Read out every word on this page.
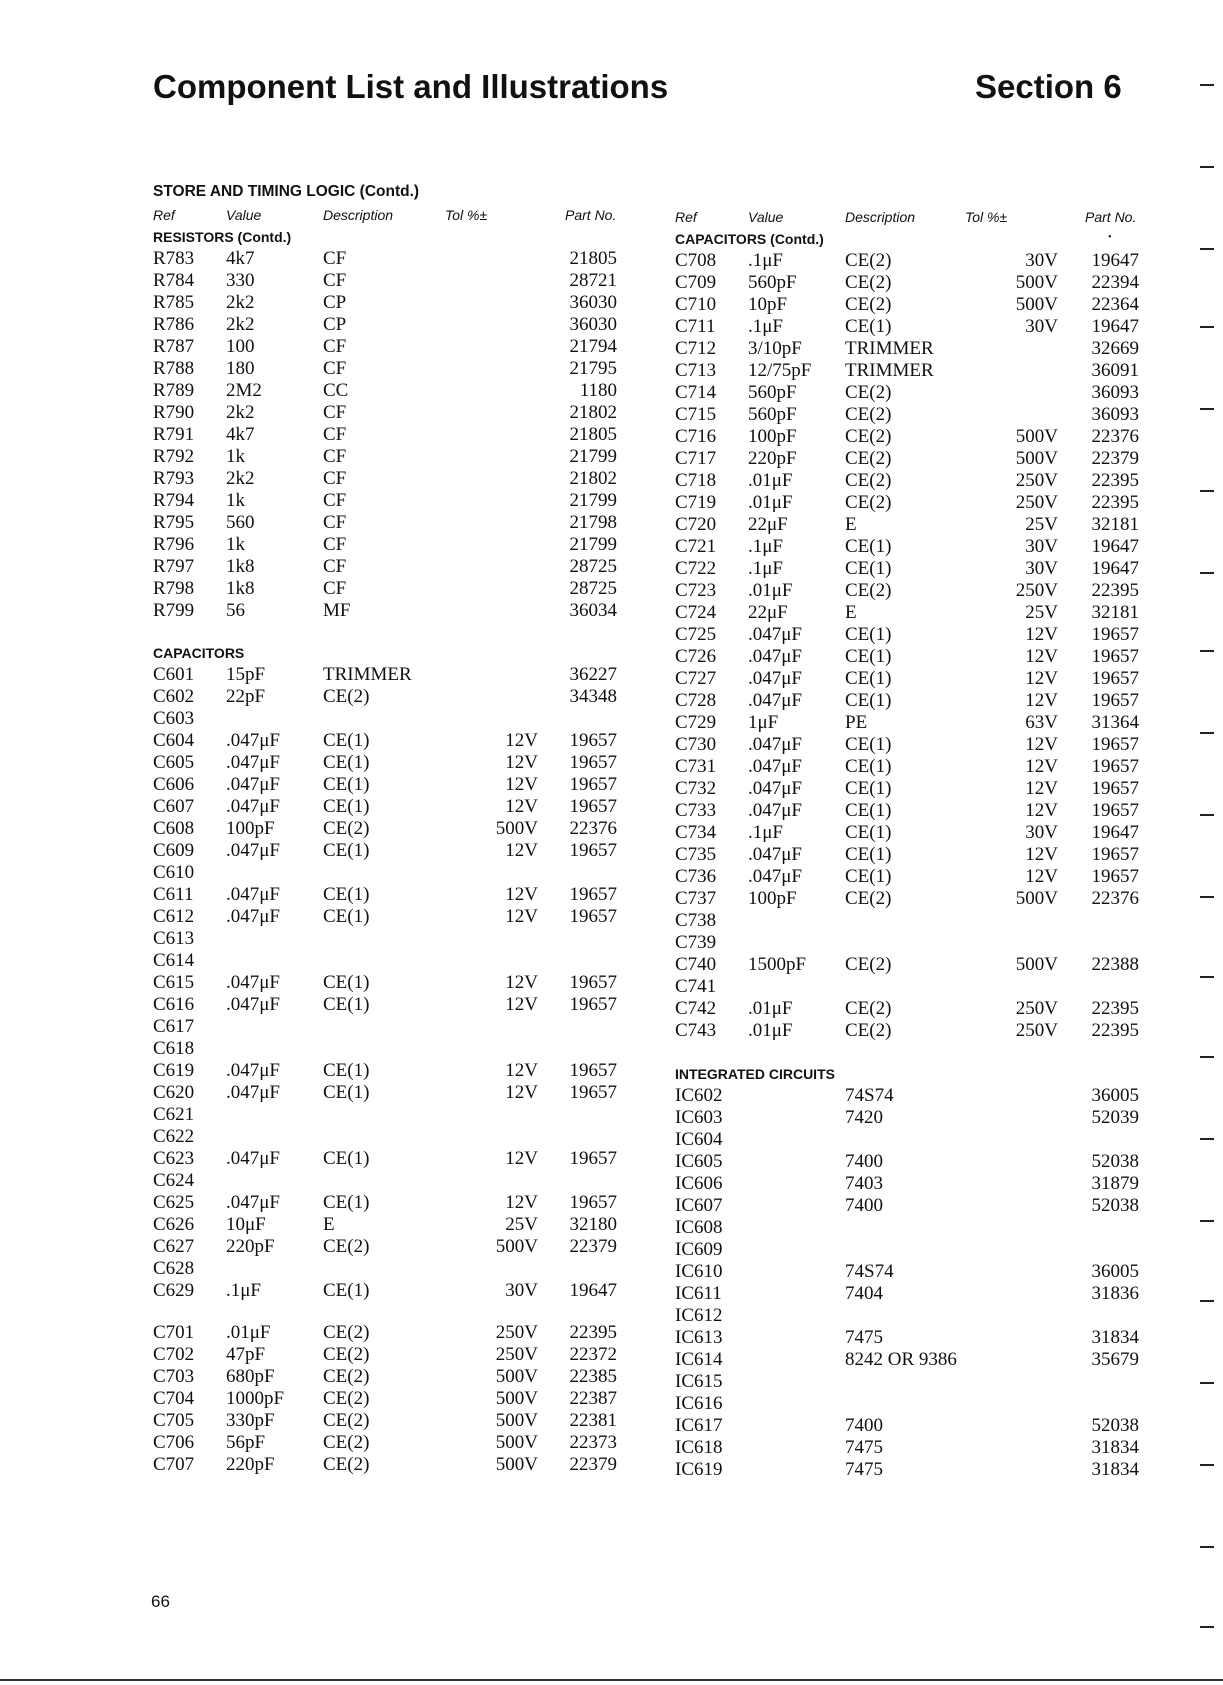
Component List and Illustrations	Section 6
STORE AND TIMING LOGIC (Contd.)
Ref	Value	Description	Tol %±	Part No.	Ref	Value	Description	Tol %±	Part No.
•
RESISTORS (Contd.)
CAPACITORS
CAPACITORS (Contd.)
INTEGRATED CIRCUITS
R783 4k7	CF	21805
R784 330	CF	28721
R785 2k2	CP	36030
R786 2k2	CP	36030
R787 100	CF	21794
R788 180	CF	21795
R789 2M2	CC	1180
R790 2k2	CF	21802
R791 4k7	CF	21805
R792 1k	CF	21799
R793 2k2	CF	21802
R794 1k	CF	21799
R795 560	CF	21798
R796 1k	CF	21799
R797 1k8	CF	28725
R798 1k8	CF	28725
R799 56	MF	36034
C601 15pF	TRIMMER	36227
C602 22pF	CE(2)	34348
C603
C604 .047μF CE(1)	12V 19657
C605 .047μF CE(1)	12V 19657
C606 .047μF CE(1)	12V 19657
C607 .047μF CE(1)	12V 19657
C608 100pF	CE(2)	500V 22376
C609 .047μF CE(1)	12V 19657
C610
C611 .047μF CE(1)	12V 19657
C612 .047μF CE(1)	12V 19657
C613
C614
C615 .047μF CE(1)	12V 19657
C616 .047μF CE(1)	12V 19657
C617
C618
C619 .047μF CE(1)	12V 19657
C620 .047μF CE(1)	12V 19657
C621
C622
C623 .047μF CE(1)	12V 19657
C624
C625 .047μF CE(1)	12V 19657
C626 10μF	E	25V 32180
C627 220pF	CE(2)	500V 22379
C628
C629 .1μF	CE(1)	30V 19647
C701 .01μF	CE(2)	250V 22395
C702 47pF	CE(2)	250V 22372
C703 680pF	CE(2)	500V 22385
C704 1000pF CE(2)	500V 22387
C705 330pF	CE(2)	500V 22381
C706 56pF	CE(2)	500V 22373
C707 220pF	CE(2)	500V 22379
C708 .1μF	CE(2)	30V 19647
C709 560pF	CE(2)	500V 22394
C710 10pF	CE(2)	500V 22364
C711 .1μF	CE(1)	30V 19647
C712 3/10pF TRIMMER	32669
C713 12/75pF TRIMMER	36091
C714 560pF	CE(2)	36093
C715 560pF	CE(2)	36093
C716 100pF	CE(2)	500V 22376
C717 220pF	CE(2)	500V 22379
C718 .01μF	CE(2)	250V 22395
C719 .01μF	CE(2)	250V 22395
C720 22μF	E	25V 32181
C721 .1μF	CE(1)	30V 19647
C722 .1μF	CE(1)	30V 19647
C723 .01μF	CE(2)	250V 22395
C724 22μF	E	25V 32181
C725 .047μF CE(1)	12V 19657
C726 .047μF CE(1)	12V 19657
C727 .047μF CE(1)	12V 19657
C728 .047μF CE(1)	12V 19657
C729 1μF	PE	63V 31364
C730 .047μF CE(1)	12V 19657
C731 .047μF CE(1)	12V 19657
C732 .047μF CE(1)	12V 19657
C733 .047μF CE(1)	12V 19657
C734 .1μF	CE(1)	30V 19647
C735 .047μF CE(1)	12V 19657
C736 .047μF CE(1)	12V 19657
C737 100pF	CE(2)	500V 22376
C738
C739
C740 1500pF CE(2)	500V 22388
C741
C742 .01μF	CE(2)	250V 22395
C743 .01μF	CE(2)	250V 22395
IC602	74S74	36005
IC603	7420	52039
IC604
IC605	7400	52038
IC606	7403	31879
IC607	7400	52038
IC608
IC609
IC610	74S74	36005
IC611	7404	31836
IC612
IC613	7475	31834
IC614	8242 OR 9386	35679
IC615
IC616
IC617	7400	52038
IC618	7475	31834
IC619	7475	31834
66
